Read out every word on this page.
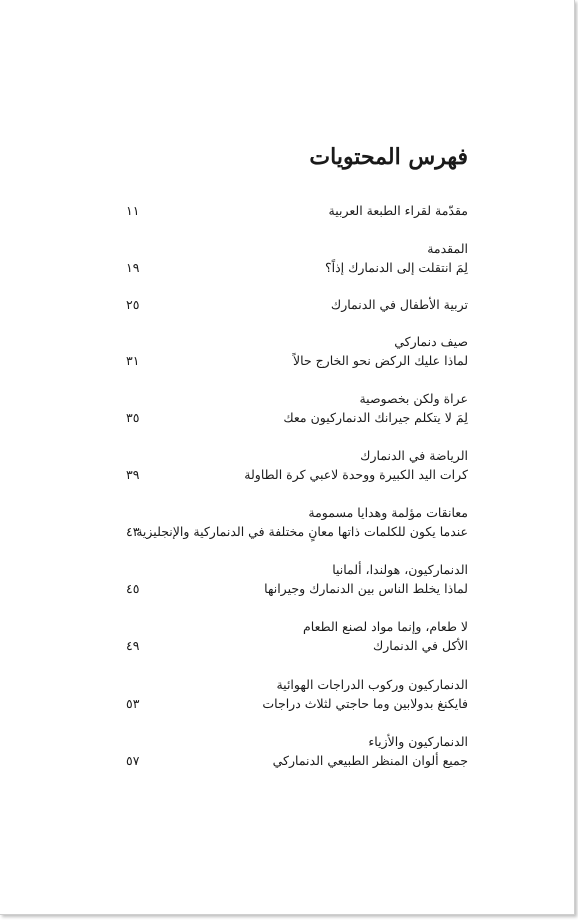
فهرس المحتويات
مقدّمة لقراء الطبعة العربية
١١
المقدمة
لِمَ انتقلت إلى الدنمارك إذاً؟
١٩
تربية الأطفال في الدنمارك
٢٥
صيف دنماركي
لماذا عليك الركض نحو الخارج حالاً
٣١
عراة ولكن بخصوصية
لِمَ لا يتكلم جيرانك الدنماركيون معك
٣٥
الرياضة في الدنمارك
كرات اليد الكبيرة ووحدة لاعبي كرة الطاولة
٣٩
معانقات مؤلمة وهدايا مسمومة
عندما يكون للكلمات ذاتها معانٍ مختلفة في الدنماركية والإنجليزية
٤٣
الدنماركيون، هولندا، ألمانيا
لماذا يخلط الناس بين الدنمارك وجيرانها
٤٥
لا طعام، وإنما مواد لصنع الطعام
الأكل في الدنمارك
٤٩
الدنماركيون وركوب الدراجات الهوائية
فايكنغ بدولابين وما حاجتي لثلاث دراجات
٥٣
الدنماركيون والأزياء
جميع ألوان المنظر الطبيعي الدنماركي
٥٧
